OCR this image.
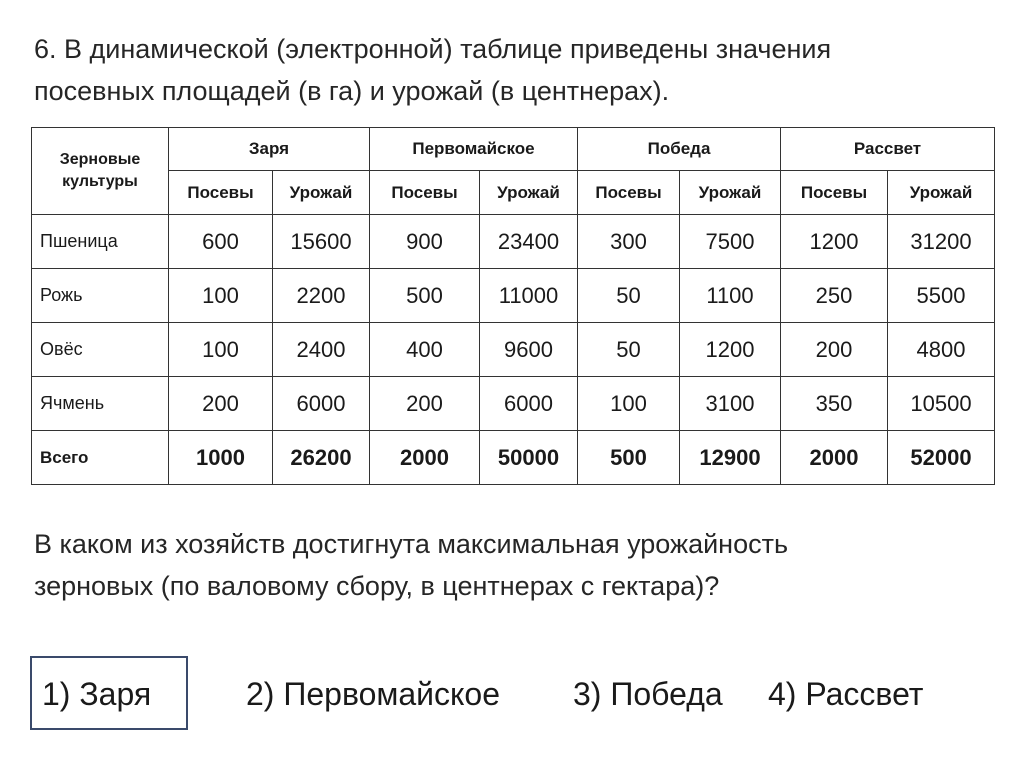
6. В динамической (электронной) таблице приведены значения
посевных площадей (в га) и урожай (в центнерах).
Зерновые культуры	Заря		Первомайское		Победа		Рассвет	
	Посевы	Урожай	Посевы	Урожай	Посевы	Урожай	Посевы	Урожай
Пшеница	600	15600	900	23400	300	7500	1200	31200
Рожь	100	2200	500	11000	50	1100	250	5500
Овёс	100	2400	400	9600	50	1200	200	4800
Ячмень	200	6000	200	6000	100	3100	350	10500
Всего	1000	26200	2000	50000	500	12900	2000	52000
В каком из хозяйств достигнута максимальная урожайность
зерновых (по валовому сбору, в центнерах с гектара)?
1) Заря	2) Первомайское 3) Победа 4) Рассвет
